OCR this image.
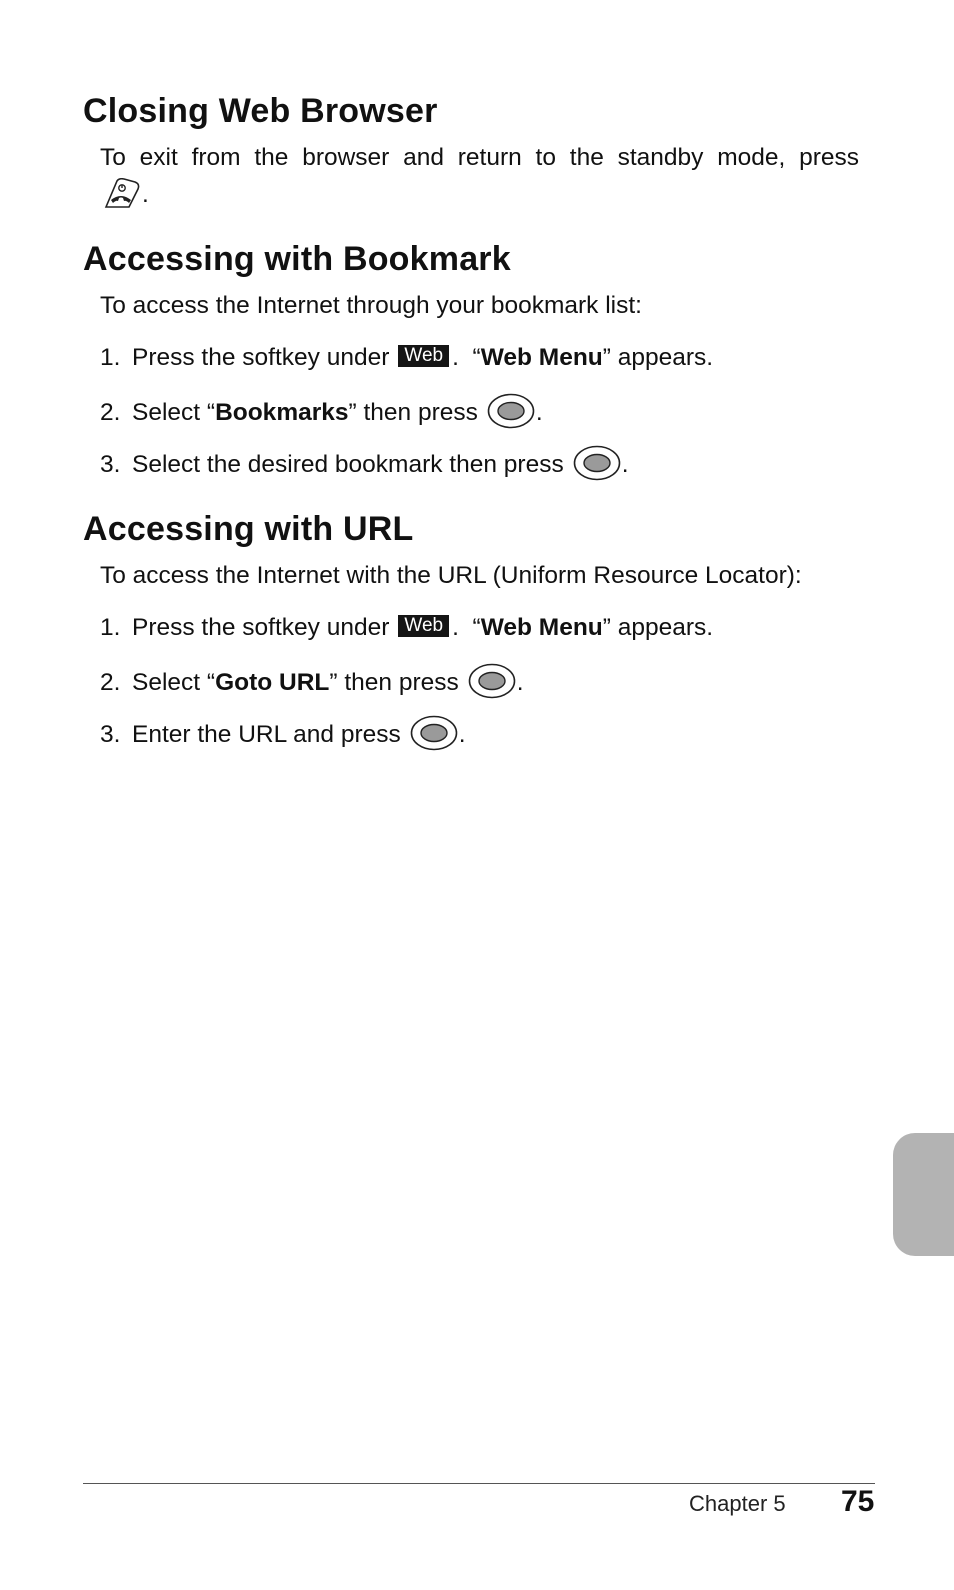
Closing Web Browser

To exit from the browser and return to the standby mode, press

.
Accessing with Bookmark

To access the Internet through your bookmark list:

1. Press the softkey under Web .  “ Web Menu ” appears.
2. Select “ Bookmarks ” then press .
3. Select the desired bookmark then press .
Accessing with URL

To access the Internet with the URL (Uniform Resource Locator):

1. Press the softkey under Web .  “ Web Menu ” appears.
2. Select “ Goto URL ” then press .
3. Enter the URL and press .
Chapter 5 75
